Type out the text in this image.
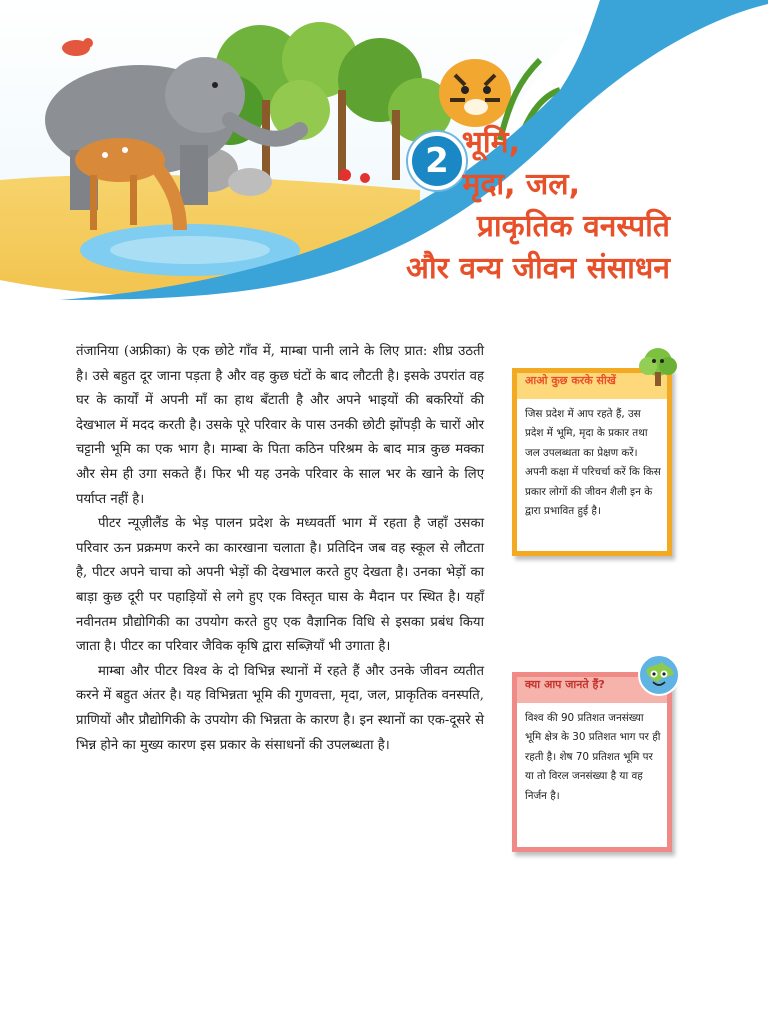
2 भूमि,
मृदा, जल,
प्राकृतिक वनस्पति
और वन्य जीवन संसाधन

तंजानिया (अफ्रीका) के एक छोटे गाँव में, माम्बा पानी लाने के लिए प्रात: शीघ्र उठती है। उसे बहुत दूर जाना पड़ता है और वह कुछ घंटों के बाद लौटती है। इसके उपरांत वह घर के कार्यों में अपनी माँ का हाथ बँटाती है और अपने भाइयों की बकरियों की देखभाल में मदद करती है। उसके पूरे परिवार के पास उनकी छोटी झोंपड़ी के चारों ओर चट्टानी भूमि का एक भाग है। माम्बा के पिता कठिन परिश्रम के बाद मात्र कुछ मक्का और सेम ही उगा सकते हैं। फिर भी यह उनके परिवार के साल भर के खाने के लिए पर्याप्त नहीं है।

पीटर न्यूज़ीलैंड के भेड़ पालन प्रदेश के मध्यवर्ती भाग में रहता है जहाँ उसका परिवार ऊन प्रक्रमण करने का कारखाना चलाता है। प्रतिदिन जब वह स्कूल से लौटता है, पीटर अपने चाचा को अपनी भेड़ों की देखभाल करते हुए देखता है। उनका भेड़ों का बाड़ा कुछ दूरी पर पहाड़ियों से लगे हुए एक विस्तृत घास के मैदान पर स्थित है। यहाँ नवीनतम प्रौद्योगिकी का उपयोग करते हुए एक वैज्ञानिक विधि से इसका प्रबंध किया जाता है। पीटर का परिवार जैविक कृषि द्वारा सब्ज़ियाँ भी उगाता है।

माम्बा और पीटर विश्व के दो विभिन्न स्थानों में रहते हैं और उनके जीवन व्यतीत करने में बहुत अंतर है। यह विभिन्नता भूमि की गुणवत्ता, मृदा, जल, प्राकृतिक वनस्पति, प्राणियों और प्रौद्योगिकी के उपयोग की भिन्नता के कारण है। इन स्थानों का एक-दूसरे से भिन्न होने का मुख्य कारण इस प्रकार के संसाधनों की उपलब्धता है।

आओ कुछ करके सीखें
जिस प्रदेश में आप रहते हैं, उस प्रदेश में भूमि, मृदा के प्रकार तथा जल उपलब्धता का प्रेक्षण करें। अपनी कक्षा में परिचर्चा करें कि किस प्रकार लोगों की जीवन शैली इन के द्वारा प्रभावित हुई है।
क्या आप जानते हैं?
विश्व की 90 प्रतिशत जनसंख्या भूमि क्षेत्र के 30 प्रतिशत भाग पर ही रहती है। शेष 70 प्रतिशत भूमि पर या तो विरल जनसंख्या है या वह निर्जन है।
